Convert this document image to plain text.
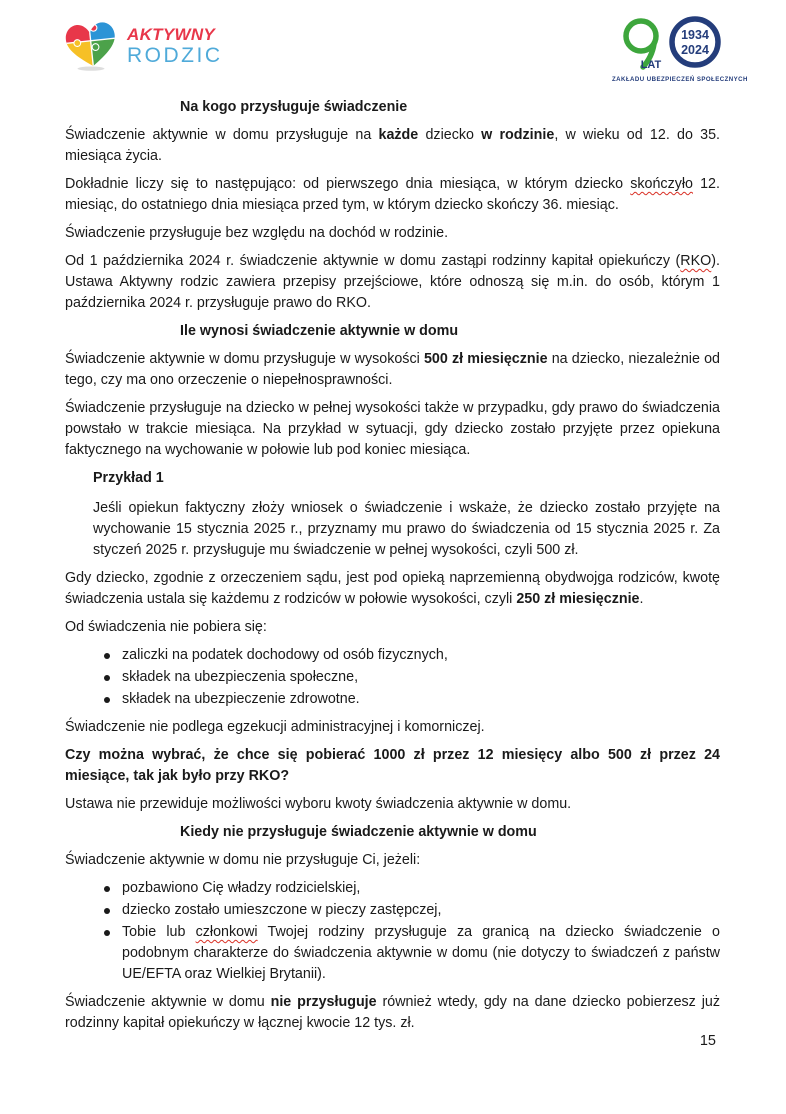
AKTYWNY
RODZIC
1934
2024
LAT
ZAKŁADU UBEZPIECZEŃ SPOŁECZNYCH
Na kogo przysługuje świadczenie

Świadczenie aktywnie w domu przysługuje na każde dziecko w rodzinie, w wieku od 12. do 35. miesiąca życia.

Dokładnie liczy się to następująco: od pierwszego dnia miesiąca, w którym dziecko skończyło 12. miesiąc, do ostatniego dnia miesiąca przed tym, w którym dziecko skończy 36. miesiąc.

Świadczenie przysługuje bez względu na dochód w rodzinie.

Od 1 października 2024 r. świadczenie aktywnie w domu zastąpi rodzinny kapitał opiekuńczy (RKO). Ustawa Aktywny rodzic zawiera przepisy przejściowe, które odnoszą się m.in. do osób, którym 1 października 2024 r. przysługuje prawo do RKO.

Ile wynosi świadczenie aktywnie w domu

Świadczenie aktywnie w domu przysługuje w wysokości 500 zł miesięcznie na dziecko, niezależnie od tego, czy ma ono orzeczenie o niepełnosprawności.

Świadczenie przysługuje na dziecko w pełnej wysokości także w przypadku, gdy prawo do świadczenia powstało w trakcie miesiąca. Na przykład w sytuacji, gdy dziecko zostało przyjęte przez opiekuna faktycznego na wychowanie w połowie lub pod koniec miesiąca.

Przykład 1

Jeśli opiekun faktyczny złoży wniosek o świadczenie i wskaże, że dziecko zostało przyjęte na wychowanie 15 stycznia 2025 r., przyznamy mu prawo do świadczenia od 15 stycznia 2025 r. Za styczeń 2025 r. przysługuje mu świadczenie w pełnej wysokości, czyli 500 zł.

Gdy dziecko, zgodnie z orzeczeniem sądu, jest pod opieką naprzemienną obydwojga rodziców, kwotę świadczenia ustala się każdemu z rodziców w połowie wysokości, czyli 250 zł miesięcznie.

Od świadczenia nie pobiera się:

zaliczki na podatek dochodowy od osób fizycznych,
składek na ubezpieczenia społeczne,
składek na ubezpieczenie zdrowotne.

Świadczenie nie podlega egzekucji administracyjnej i komorniczej.

Czy można wybrać, że chce się pobierać 1000 zł przez 12 miesięcy albo 500 zł przez 24 miesiące, tak jak było przy RKO?

Ustawa nie przewiduje możliwości wyboru kwoty świadczenia aktywnie w domu.

Kiedy nie przysługuje świadczenie aktywnie w domu

Świadczenie aktywnie w domu nie przysługuje Ci, jeżeli:

pozbawiono Cię władzy rodzicielskiej,
dziecko zostało umieszczone w pieczy zastępczej,
Tobie lub członkowi Twojej rodziny przysługuje za granicą na dziecko świadczenie o podobnym charakterze do świadczenia aktywnie w domu (nie dotyczy to świadczeń z państw UE/EFTA oraz Wielkiej Brytanii).

Świadczenie aktywnie w domu nie przysługuje również wtedy, gdy na dane dziecko pobierzesz już rodzinny kapitał opiekuńczy w łącznej kwocie 12 tys. zł.

15
